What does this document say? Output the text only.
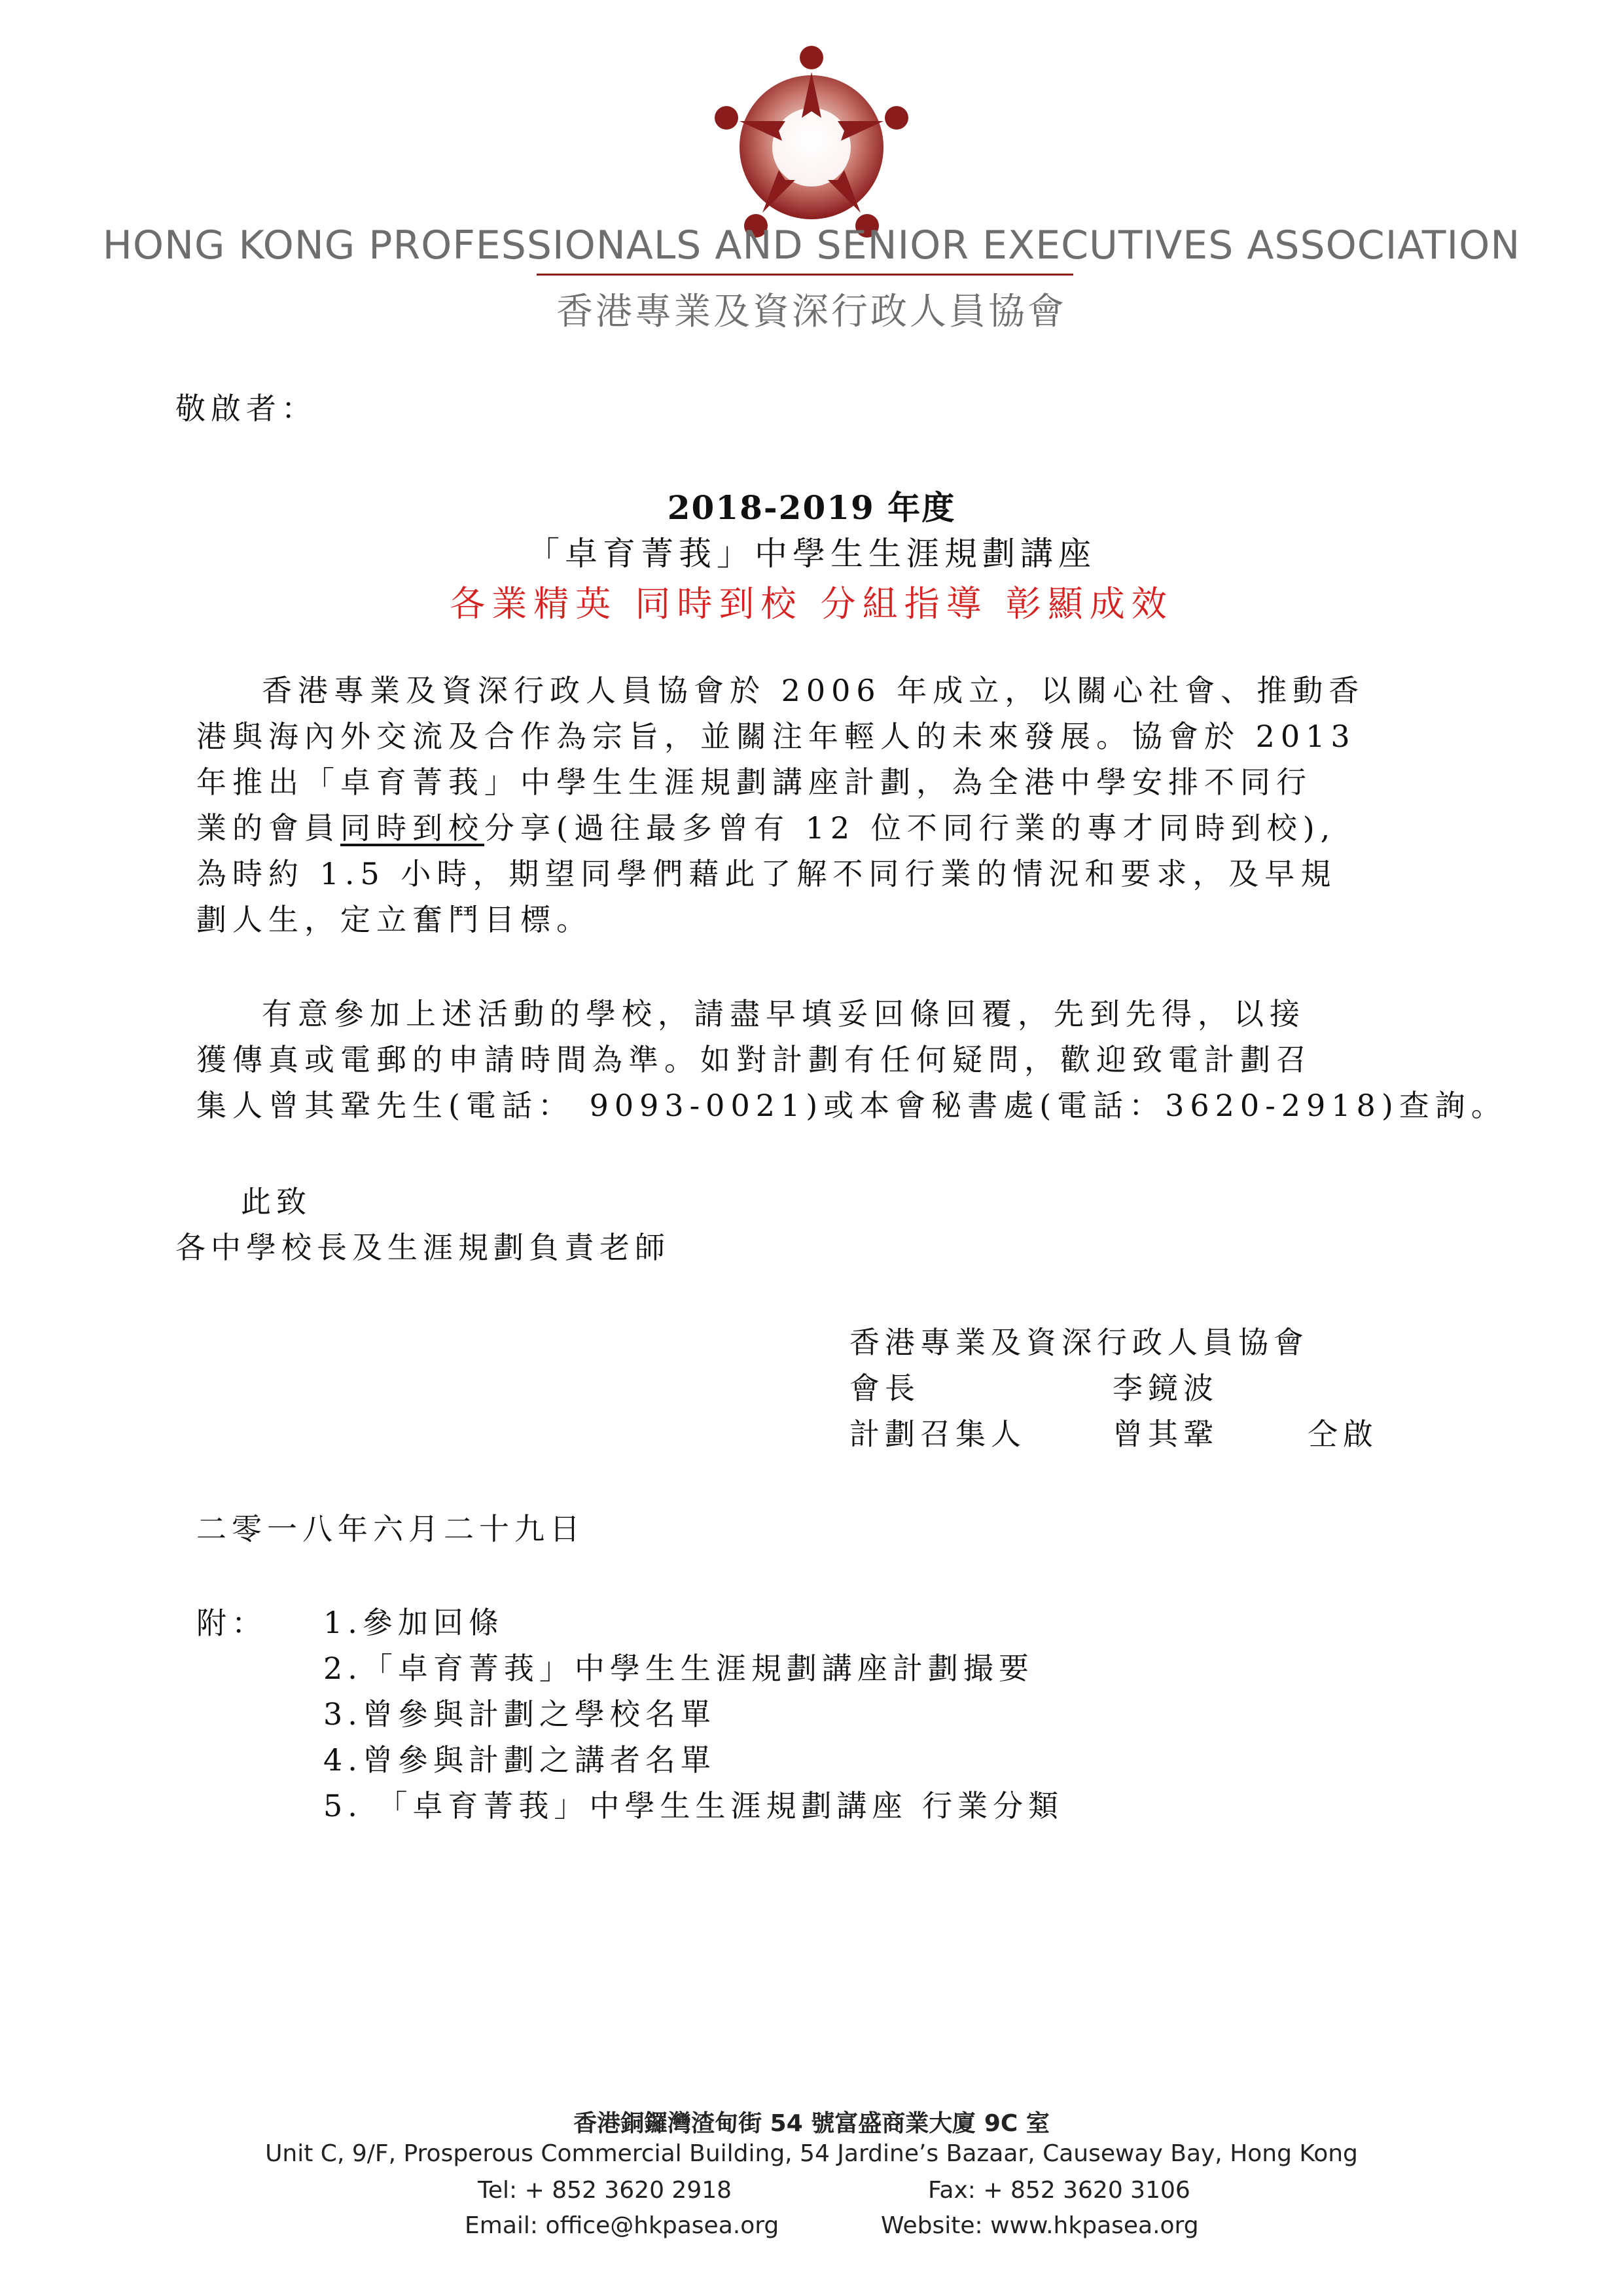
HONG KONG PROFESSIONALS AND SENIOR EXECUTIVES ASSOCIATION
香港專業及資深行政人員協會
敬啟者：
2018-2019 年度
「卓育菁莪」中學生生涯規劃講座
各業精英 同時到校 分組指導 彰顯成效
香港專業及資深行政人員協會於 2006 年成立，以關心社會、推動香
港與海內外交流及合作為宗旨，並關注年輕人的未來發展。協會於 2013
年推出「卓育菁莪」中學生生涯規劃講座計劃，為全港中學安排不同行
業的會員同時到校分享(過往最多曾有 12 位不同行業的專才同時到校),
為時約 1.5 小時，期望同學們藉此了解不同行業的情況和要求，及早規
劃人生，定立奮鬥目標。
有意參加上述活動的學校，請盡早填妥回條回覆，先到先得，以接
獲傳真或電郵的申請時間為準。如對計劃有任何疑問，歡迎致電計劃召
集人曾其鞏先生(電話： 9093-0021)或本會秘書處(電話：3620-2918)查詢。
此致
各中學校長及生涯規劃負責老師
香港專業及資深行政人員協會
會長	李鏡波
計劃召集人	曾其鞏	仝啟
二零一八年六月二十九日
附： 1.參加回條
2.「卓育菁莪」中學生生涯規劃講座計劃撮要
3.曾參與計劃之學校名單
4.曾參與計劃之講者名單
5. 「卓育菁莪」中學生生涯規劃講座 行業分類
香港銅鑼灣渣甸街 54 號富盛商業大廈 9C 室
Unit C, 9/F, Prosperous Commercial Building, 54 Jardine’s Bazaar, Causeway Bay, Hong Kong
Tel: + 852 3620 2918	Fax: + 852 3620 3106
Email: office@hkpasea.org	Website: www.hkpasea.org
